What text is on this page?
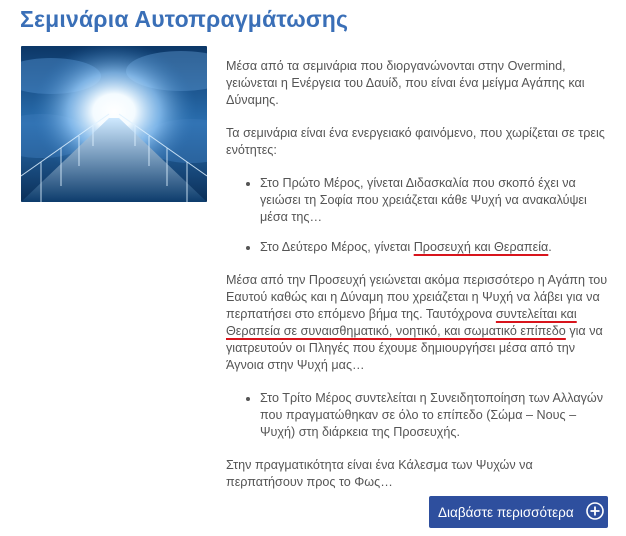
Σεμινάρια Αυτοπραγμάτωσης

Μέσα από τα σεμινάρια που διοργανώνονται στην Overmind, γειώνεται η Ενέργεια του Δαυίδ, που είναι ένα μείγμα Αγάπης και Δύναμης.

Τα σεμινάρια είναι ένα ενεργειακό φαινόμενο, που χωρίζεται σε τρεις ενότητες:

• Στο Πρώτο Μέρος, γίνεται Διδασκαλία που σκοπό έχει να γειώσει τη Σοφία που χρειάζεται κάθε Ψυχή να ανακαλύψει μέσα της…
• Στο Δεύτερο Μέρος, γίνεται Προσευχή και Θεραπεία.

Μέσα από την Προσευχή γειώνεται ακόμα περισσότερο η Αγάπη του Εαυτού καθώς και η Δύναμη που χρειάζεται η Ψυχή να λάβει για να περπατήσει στο επόμενο βήμα της. Ταυτόχρονα συντελείται και Θεραπεία σε συναισθηματικό, νοητικό, και σωματικό επίπεδο για να γιατρευτούν οι Πληγές που έχουμε δημιουργήσει μέσα από την Άγνοια στην Ψυχή μας…

• Στο Τρίτο Μέρος συντελείται η Συνειδητοποίηση των Αλλαγών που πραγματώθηκαν σε όλο το επίπεδο (Σώμα – Νους – Ψυχή) στη διάρκεια της Προσευχής.

Στην πραγματικότητα είναι ένα Κάλεσμα των Ψυχών να περπατήσουν προς το Φως…

Διαβάστε περισσότερα
